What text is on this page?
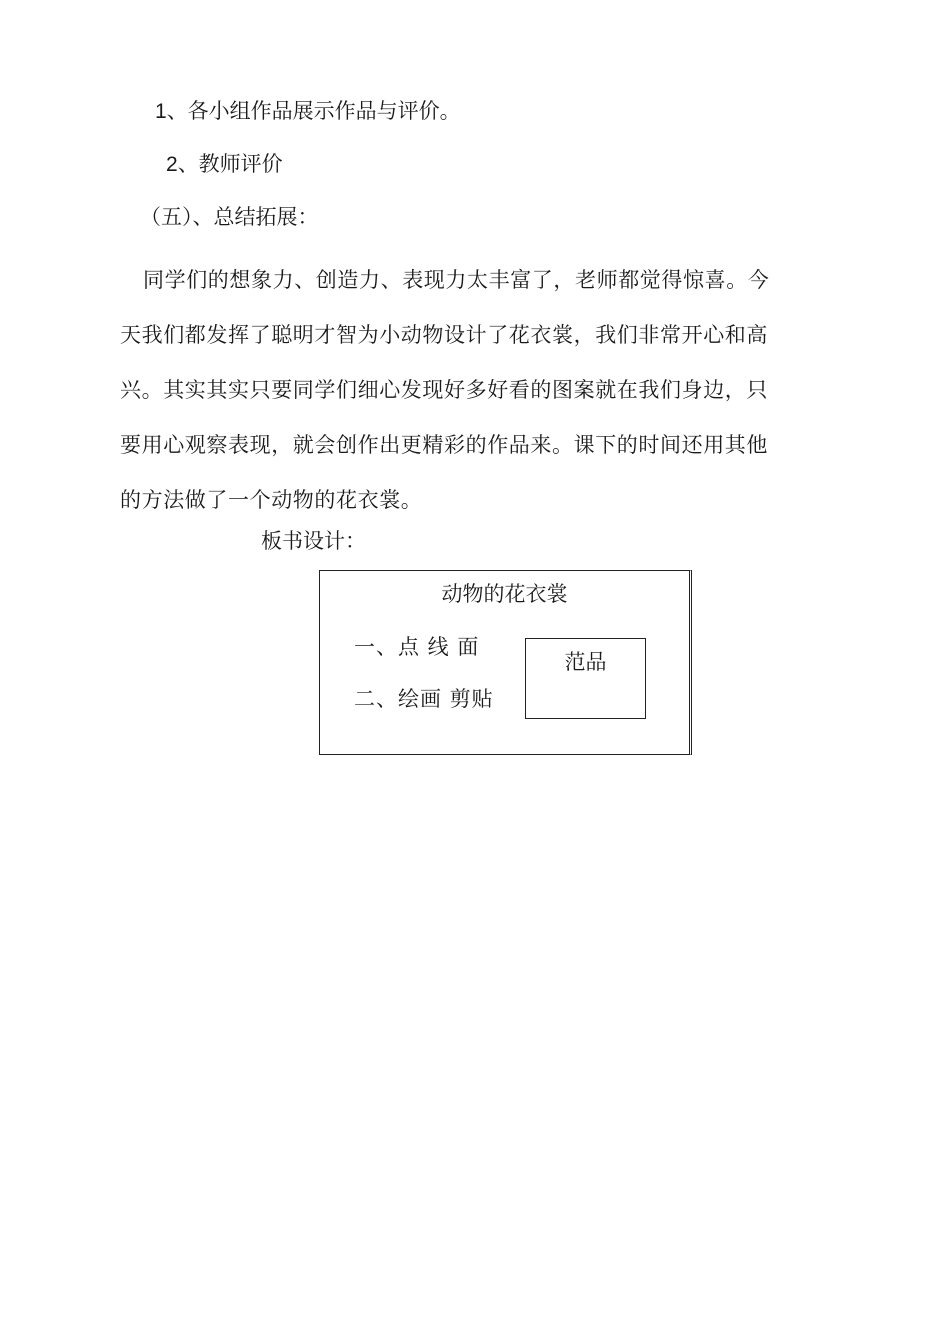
1、各小组作品展示作品与评价。
2、教师评价
（五）、总结拓展：
同学们的想象力、创造力、表现力太丰富了，老师都觉得惊喜。今
天我们都发挥了聪明才智为小动物设计了花衣裳，我们非常开心和高
兴。其实其实只要同学们细心发现好多好看的图案就在我们身边，只
要用心观察表现，就会创作出更精彩的作品来。课下的时间还用其他
的方法做了一个动物的花衣裳。
板书设计：
动物的花衣裳
一、点 线 面
二、绘画 剪贴
范品
